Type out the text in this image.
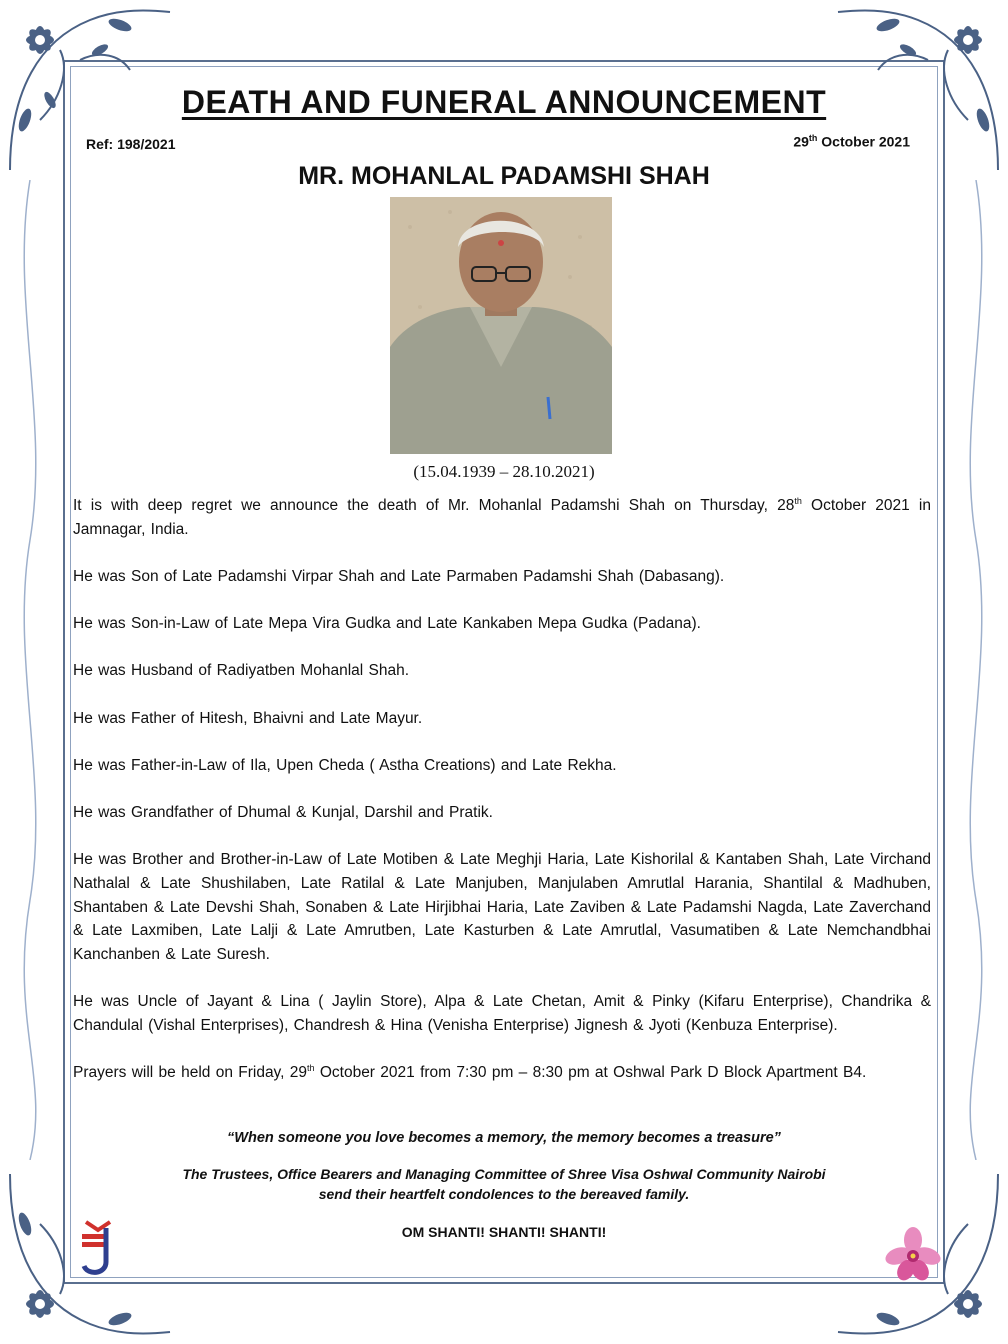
DEATH AND FUNERAL ANNOUNCEMENT
Ref: 198/2021	29th October 2021
MR. MOHANLAL PADAMSHI SHAH
(15.04.1939 – 28.10.2021)

It is with deep regret we announce the death of Mr. Mohanlal Padamshi Shah on Thursday, 28th October 2021 in Jamnagar, India.

He was Son of Late Padamshi Virpar Shah and Late Parmaben Padamshi Shah (Dabasang).

He was Son-in-Law of Late Mepa Vira Gudka and Late Kankaben Mepa Gudka (Padana).

He was Husband of Radiyatben Mohanlal Shah.

He was Father of Hitesh, Bhaivni and Late Mayur.

He was Father-in-Law of Ila, Upen Cheda ( Astha Creations) and Late Rekha.

He was Grandfather of Dhumal & Kunjal, Darshil and Pratik.

He was Brother and Brother-in-Law of Late Motiben & Late Meghji Haria, Late Kishorilal & Kantaben Shah, Late Virchand Nathalal & Late Shushilaben, Late Ratilal & Late Manjuben, Manjulaben Amrutlal Harania, Shantilal & Madhuben, Shantaben & Late Devshi Shah, Sonaben & Late Hirjibhai Haria, Late Zaviben & Late Padamshi Nagda, Late Zaverchand & Late Laxmiben, Late Lalji & Late Amrutben, Late Kasturben & Late Amrutlal, Vasumatiben & Late Nemchandbhai Kanchanben & Late Suresh.

He was Uncle of Jayant & Lina ( Jaylin Store), Alpa & Late Chetan, Amit & Pinky (Kifaru Enterprise), Chandrika & Chandulal (Vishal Enterprises), Chandresh & Hina (Venisha Enterprise) Jignesh & Jyoti (Kenbuza Enterprise).

Prayers will be held on Friday, 29th October 2021 from 7:30 pm – 8:30 pm at Oshwal Park D Block Apartment B4.

“When someone you love becomes a memory, the memory becomes a treasure”
The Trustees, Office Bearers and Managing Committee of Shree Visa Oshwal Community Nairobi
send their heartfelt condolences to the bereaved family.
OM SHANTI! SHANTI! SHANTI!
